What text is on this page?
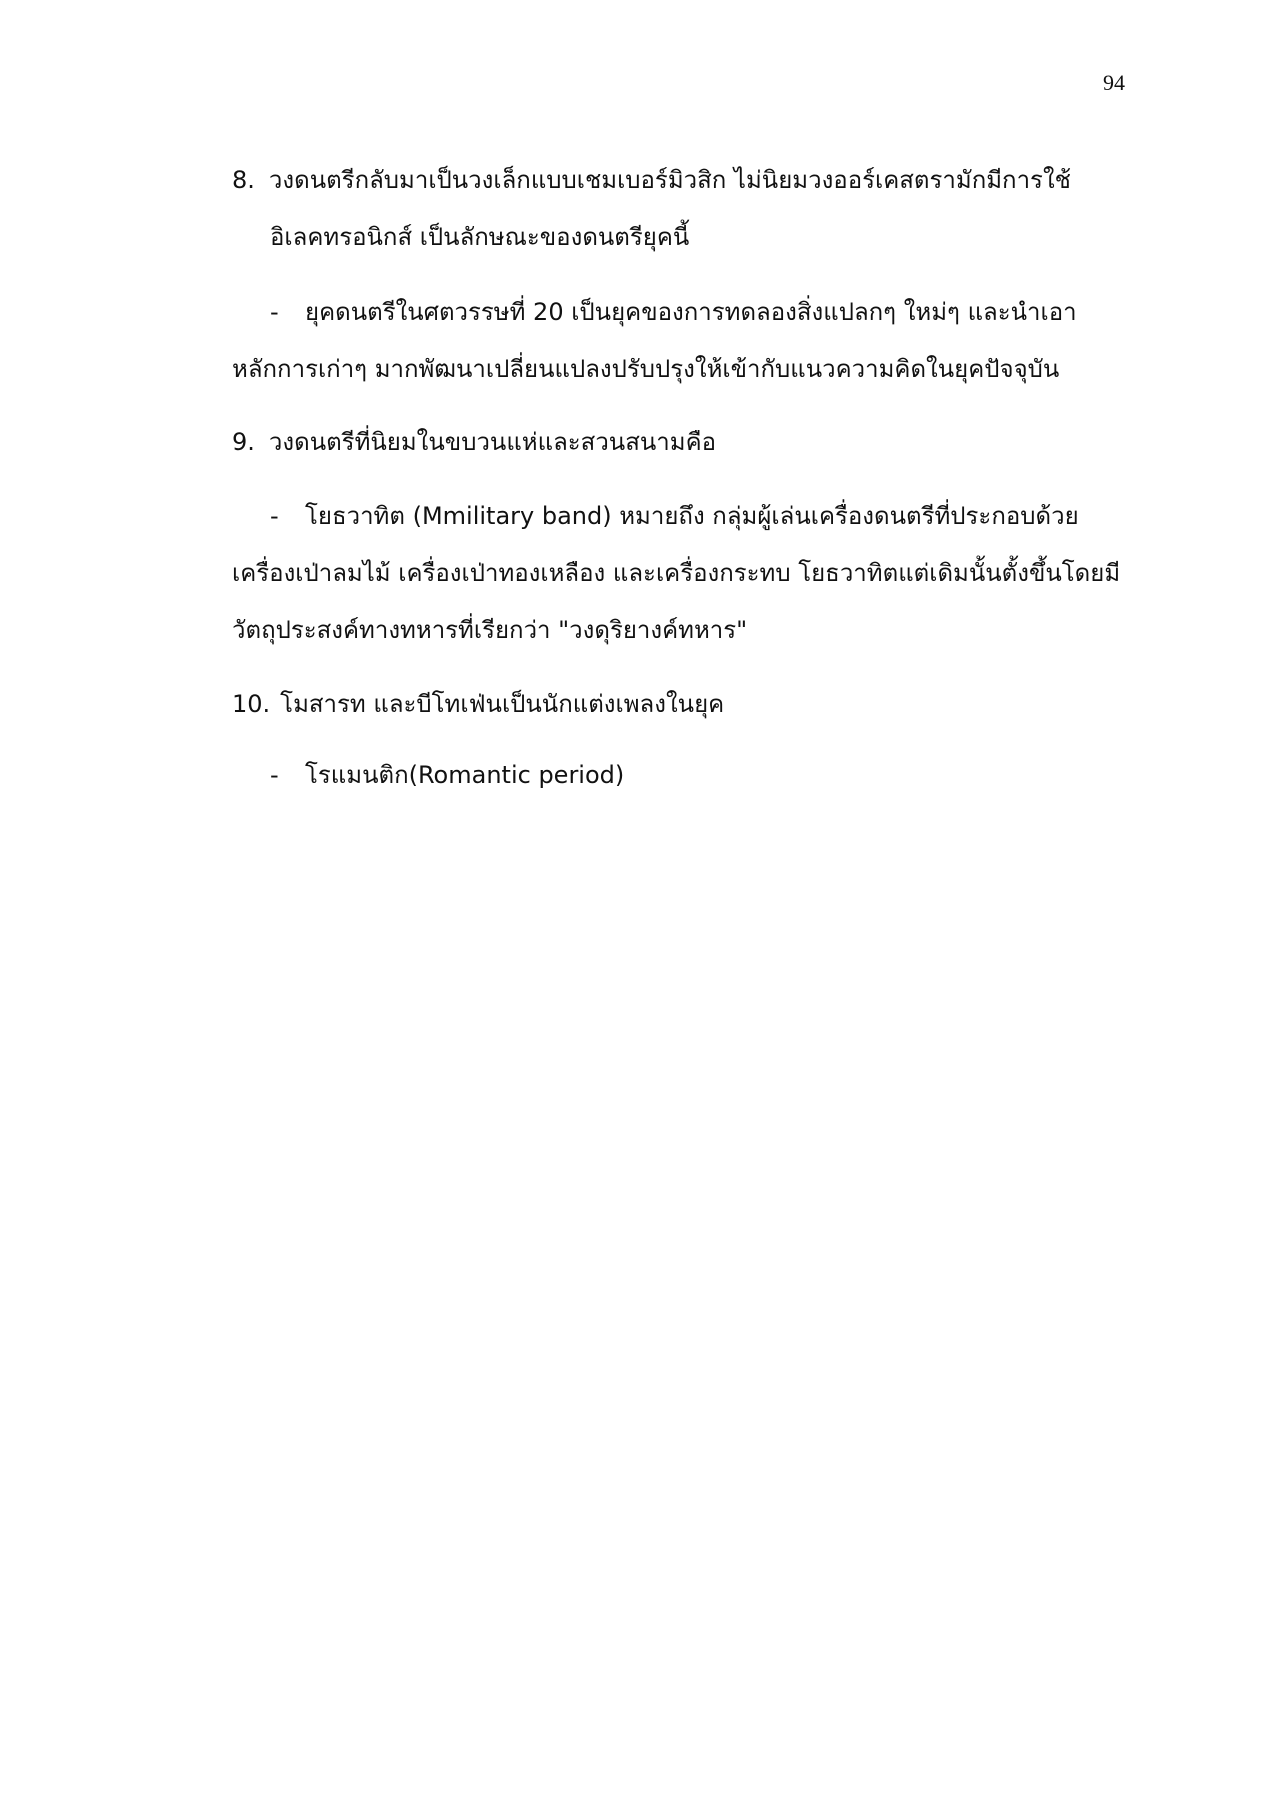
94
8. วงดนตรีกลับมาเป็นวงเล็กแบบเชมเบอร์มิวสิก ไม่นิยมวงออร์เคสตรามักมีการใช้
อิเลคทรอนิกส์ เป็นลักษณะของดนตรียุคนี้
- ยุคดนตรีในศตวรรษที่ 20 เป็นยุคของการทดลองสิ่งแปลกๆ ใหม่ๆ และนำเอา
หลักการเก่าๆ มากพัฒนาเปลี่ยนแปลงปรับปรุงให้เข้ากับแนวความคิดในยุคปัจจุบัน
9. วงดนตรีที่นิยมในขบวนแห่และสวนสนามคือ
- โยธวาทิต (Mmilitary band) หมายถึง กลุ่มผู้เล่นเครื่องดนตรีที่ประกอบด้วย
เครื่องเป่าลมไม้ เครื่องเป่าทองเหลือง และเครื่องกระทบ โยธวาทิตแต่เดิมนั้นตั้งขึ้นโดยมี
วัตถุประสงค์ทางทหารที่เรียกว่า "วงดุริยางค์ทหาร"
10. โมสารท และบีโทเฟ่นเป็นนักแต่งเพลงในยุค
- โรแมนติก(Romantic period)
